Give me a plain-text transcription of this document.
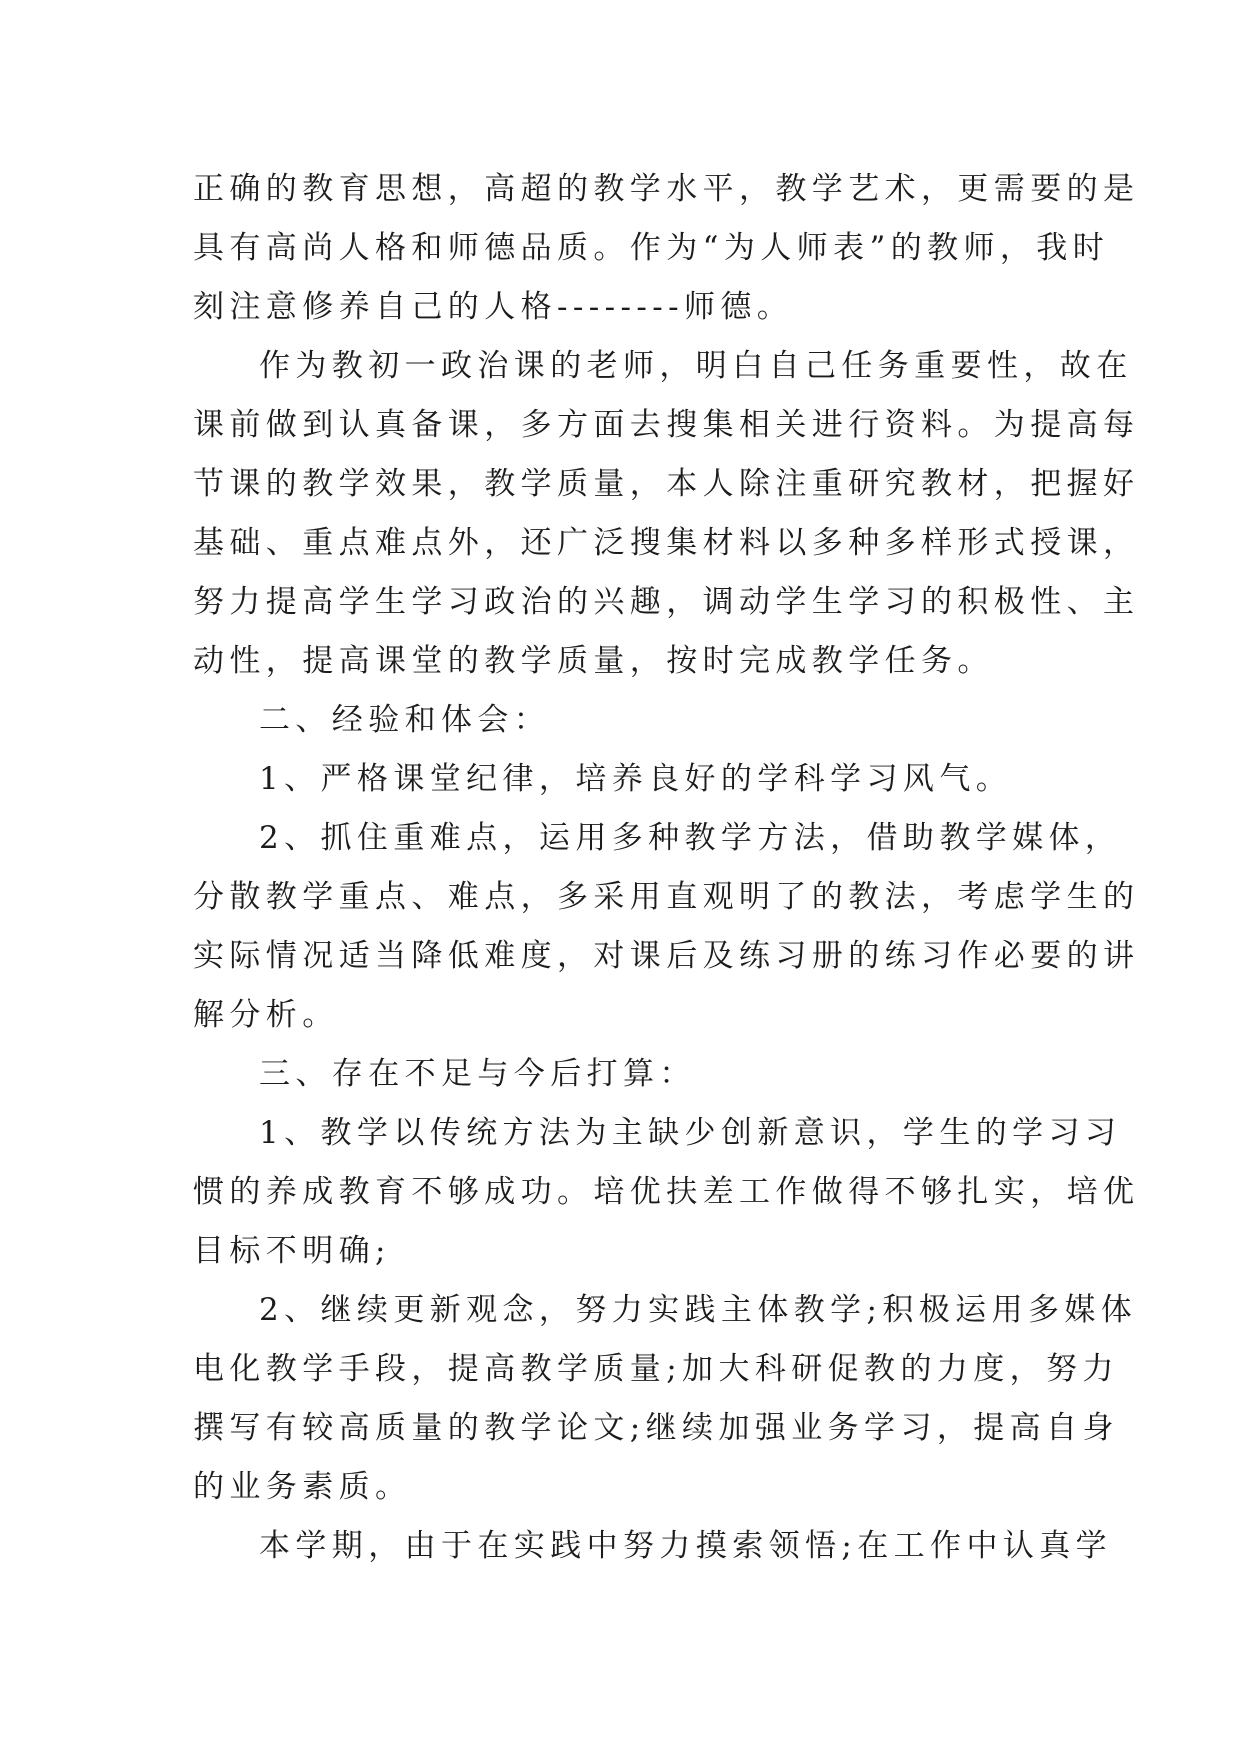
正确的教育思想，高超的教学水平，教学艺术，更需要的是
具有高尚人格和师德品质。作为“为人师表”的教师，我时
刻注意修养自己的人格--------师德。
作为教初一政治课的老师，明白自己任务重要性，故在
课前做到认真备课，多方面去搜集相关进行资料。为提高每
节课的教学效果，教学质量，本人除注重研究教材，把握好
基础、重点难点外，还广泛搜集材料以多种多样形式授课，
努力提高学生学习政治的兴趣，调动学生学习的积极性、主
动性，提高课堂的教学质量，按时完成教学任务。
二、经验和体会：
1、严格课堂纪律，培养良好的学科学习风气。
2、抓住重难点，运用多种教学方法，借助教学媒体，
分散教学重点、难点，多采用直观明了的教法，考虑学生的
实际情况适当降低难度，对课后及练习册的练习作必要的讲
解分析。
三、存在不足与今后打算：
1、教学以传统方法为主缺少创新意识，学生的学习习
惯的养成教育不够成功。培优扶差工作做得不够扎实，培优
目标不明确;
2、继续更新观念，努力实践主体教学;积极运用多媒体
电化教学手段，提高教学质量;加大科研促教的力度，努力
撰写有较高质量的教学论文;继续加强业务学习，提高自身
的业务素质。
本学期，由于在实践中努力摸索领悟;在工作中认真学
